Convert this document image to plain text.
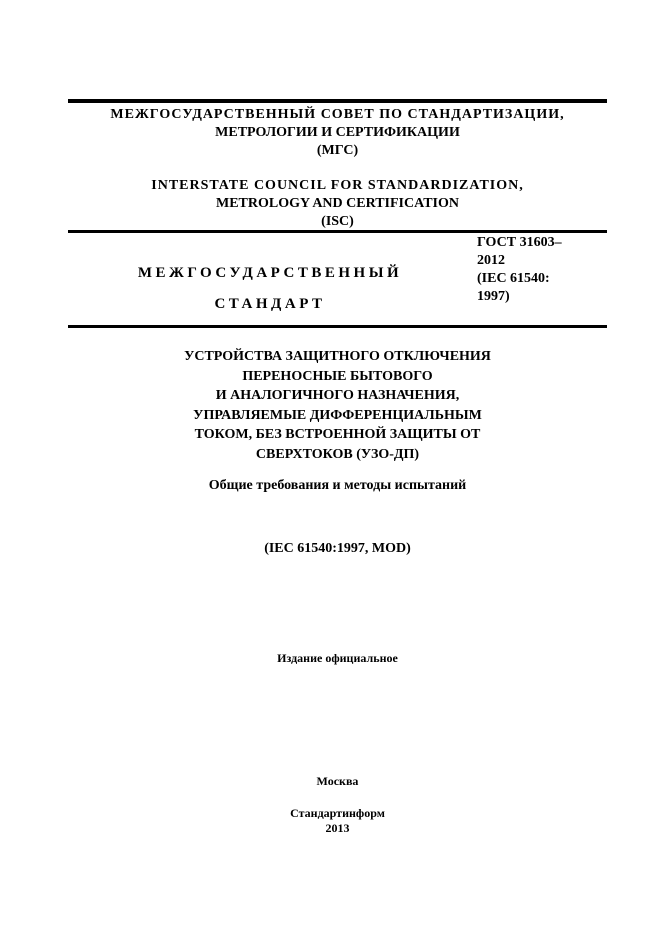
МЕЖГОСУДАРСТВЕННЫЙ СОВЕТ ПО СТАНДАРТИЗАЦИИ,
МЕТРОЛОГИИ И СЕРТИФИКАЦИИ
(МГС)
INTERSTATE COUNCIL FOR STANDARDIZATION,
METROLOGY AND CERTIFICATION
(ISC)
МЕЖГОСУДАРСТВЕННЫЙ
СТАНДАРТ
ГОСТ 31603–
2012
(IEC 61540:
1997)
УСТРОЙСТВА ЗАЩИТНОГО ОТКЛЮЧЕНИЯ
ПЕРЕНОСНЫЕ БЫТОВОГО
И АНАЛОГИЧНОГО НАЗНАЧЕНИЯ,
УПРАВЛЯЕМЫЕ ДИФФЕРЕНЦИАЛЬНЫМ
ТОКОМ, БЕЗ ВСТРОЕННОЙ ЗАЩИТЫ ОТ
СВЕРХТОКОВ (УЗО-ДП)
Общие требования и методы испытаний
(IEC 61540:1997, MOD)
Издание официальное
Москва
Стандартинформ
2013
